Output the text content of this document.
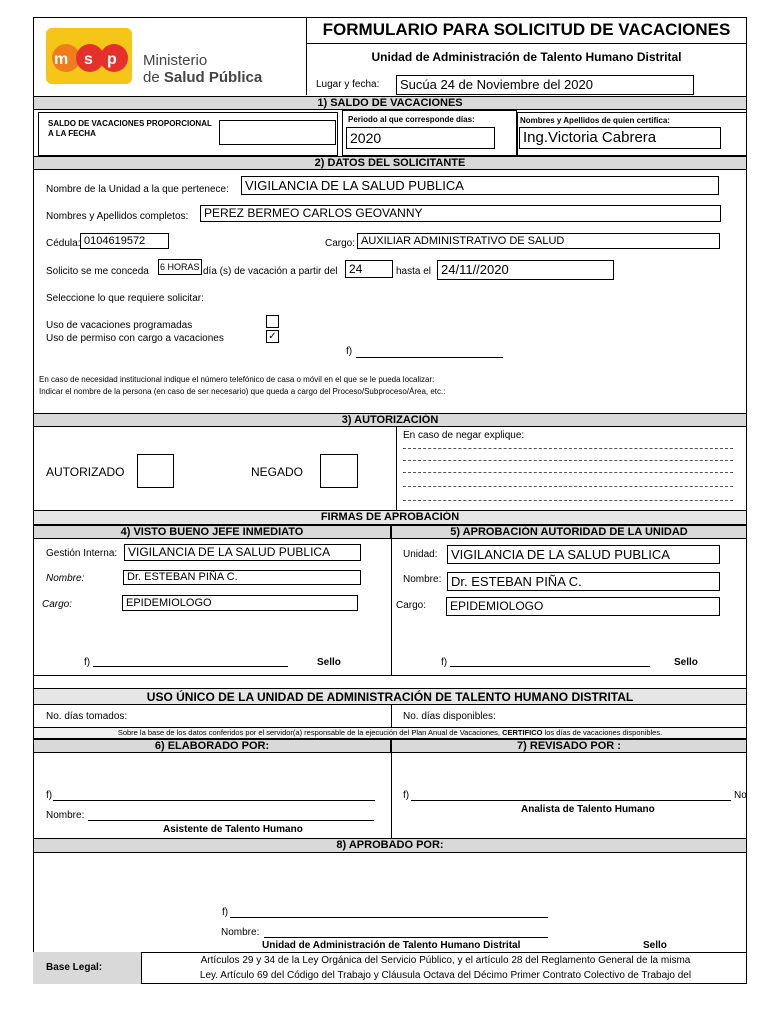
m s p Ministerio
de Salud Pública
FORMULARIO PARA SOLICITUD DE VACACIONES
Unidad de Administración de Talento Humano Distrital
Lugar y fecha:	Sucúa 24 de Noviembre del 2020
1) SALDO DE VACACIONES
SALDO DE VACACIONES PROPORCIONAL A LA FECHA
Periodo al que corresponde días:
2020
Nombres y Apellidos de quien certifica:
Ing.Victoria Cabrera
2) DATOS DEL SOLICITANTE
Nombre de la Unidad a la que pertenece:	VIGILANCIA DE LA SALUD PUBLICA
Nombres y Apellidos completos:	PEREZ BERMEO CARLOS GEOVANNY
Cédula: 0104619572	Cargo: AUXILIAR ADMINISTRATIVO DE SALUD
Solicito se me conceda 6 HORAS día (s) de vacación a partir del 24	hasta el 24/11//2020
Seleccione lo que requiere solicitar:
Uso de vacaciones programadas
Uso de permiso con cargo a vacaciones	✓
f)
En caso de necesidad institucional indique el número telefónico de casa o móvil en el que se le pueda localizar:
Indicar el nombre de la persona (en caso de ser necesario) que queda a cargo del Proceso/Subproceso/Área, etc.:
3) AUTORIZACIÓN
AUTORIZADO	NEGADO
En caso de negar explique:
FIRMAS DE APROBACIÓN
4) VISTO BUENO JEFE INMEDIATO	5) APROBACIÓN AUTORIDAD DE LA UNIDAD
Gestión Interna: VIGILANCIA DE LA SALUD PUBLICA
Nombre:	Dr. ESTEBAN PIÑA C.
Cargo:	EPIDEMIOLOGO
f)	Sello
Unidad:	VIGILANCIA DE LA SALUD PUBLICA
Nombre: Dr. ESTEBAN PIÑA C.
Cargo:	EPIDEMIOLOGO
f)	Sello
USO ÚNICO DE LA UNIDAD DE ADMINISTRACIÓN DE TALENTO HUMANO DISTRITAL
No. días tomados:	No. días disponibles:
Sobre la base de los datos conferidos por el servidor(a) responsable de la ejecución del Plan Anual de Vacaciones, CERTIFICO los días de vacaciones disponibles.
6) ELABORADO POR:	7) REVISADO POR :
f)
Nombre:
Asistente de Talento Humano
f)	No
Analista de Talento Humano
8) APROBADO POR:
f)
Nombre:
Unidad de Administración de Talento Humano Distrital	Sello
Base Legal:
Artículos 29 y 34 de la Ley Orgánica del Servicio Público, y el artículo 28 del Reglamento General de la misma
Ley. Artículo 69 del Código del Trabajo y Cláusula Octava del Décimo Primer Contrato Colectivo de Trabajo del
